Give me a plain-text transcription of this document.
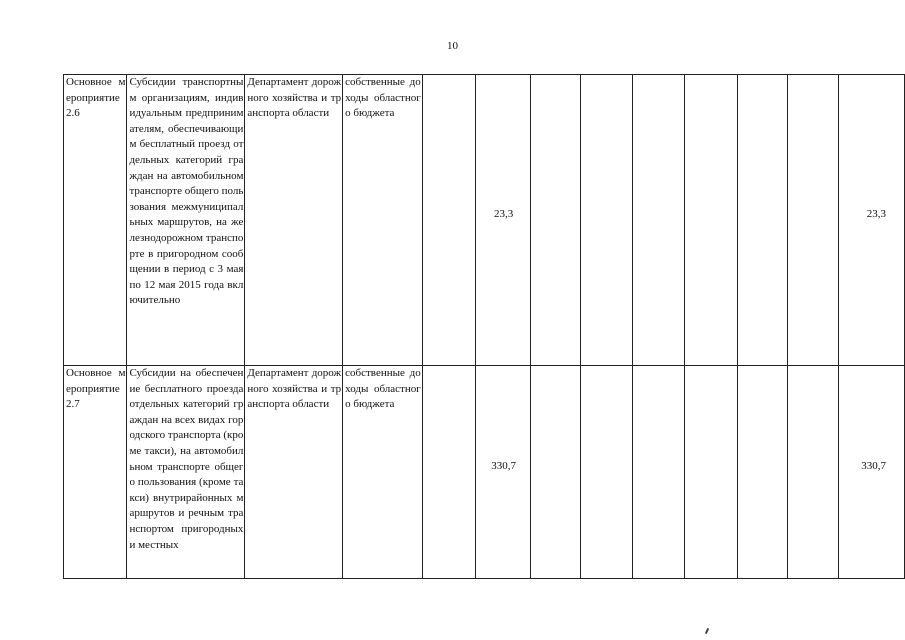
10
Основное мероприятие 2.6	Субсидии транспортным организациям, индивидуальным предпринимателям, обеспечивающим бесплатный проезд отдельных категорий граждан на автомобильном транспорте общего пользования межмуниципальных маршрутов, на железнодорожном транспорте в пригородном сообщении в период с 3 мая по 12 мая 2015 года включительно	Департамент дорожного хозяйства и транспорта области	собственные доходы областного бюджета		23,3							23,3
Основное мероприятие 2.7	Субсидии на обеспечение бесплатного проезда отдельных категорий граждан на всех видах городского транспорта (кроме такси), на автомобильном транспорте общего пользования (кроме такси) внутрирайонных маршрутов и речным транспортом пригородных и местных	Департамент дорожного хозяйства и транспорта области	собственные доходы областного бюджета		330,7							330,7
